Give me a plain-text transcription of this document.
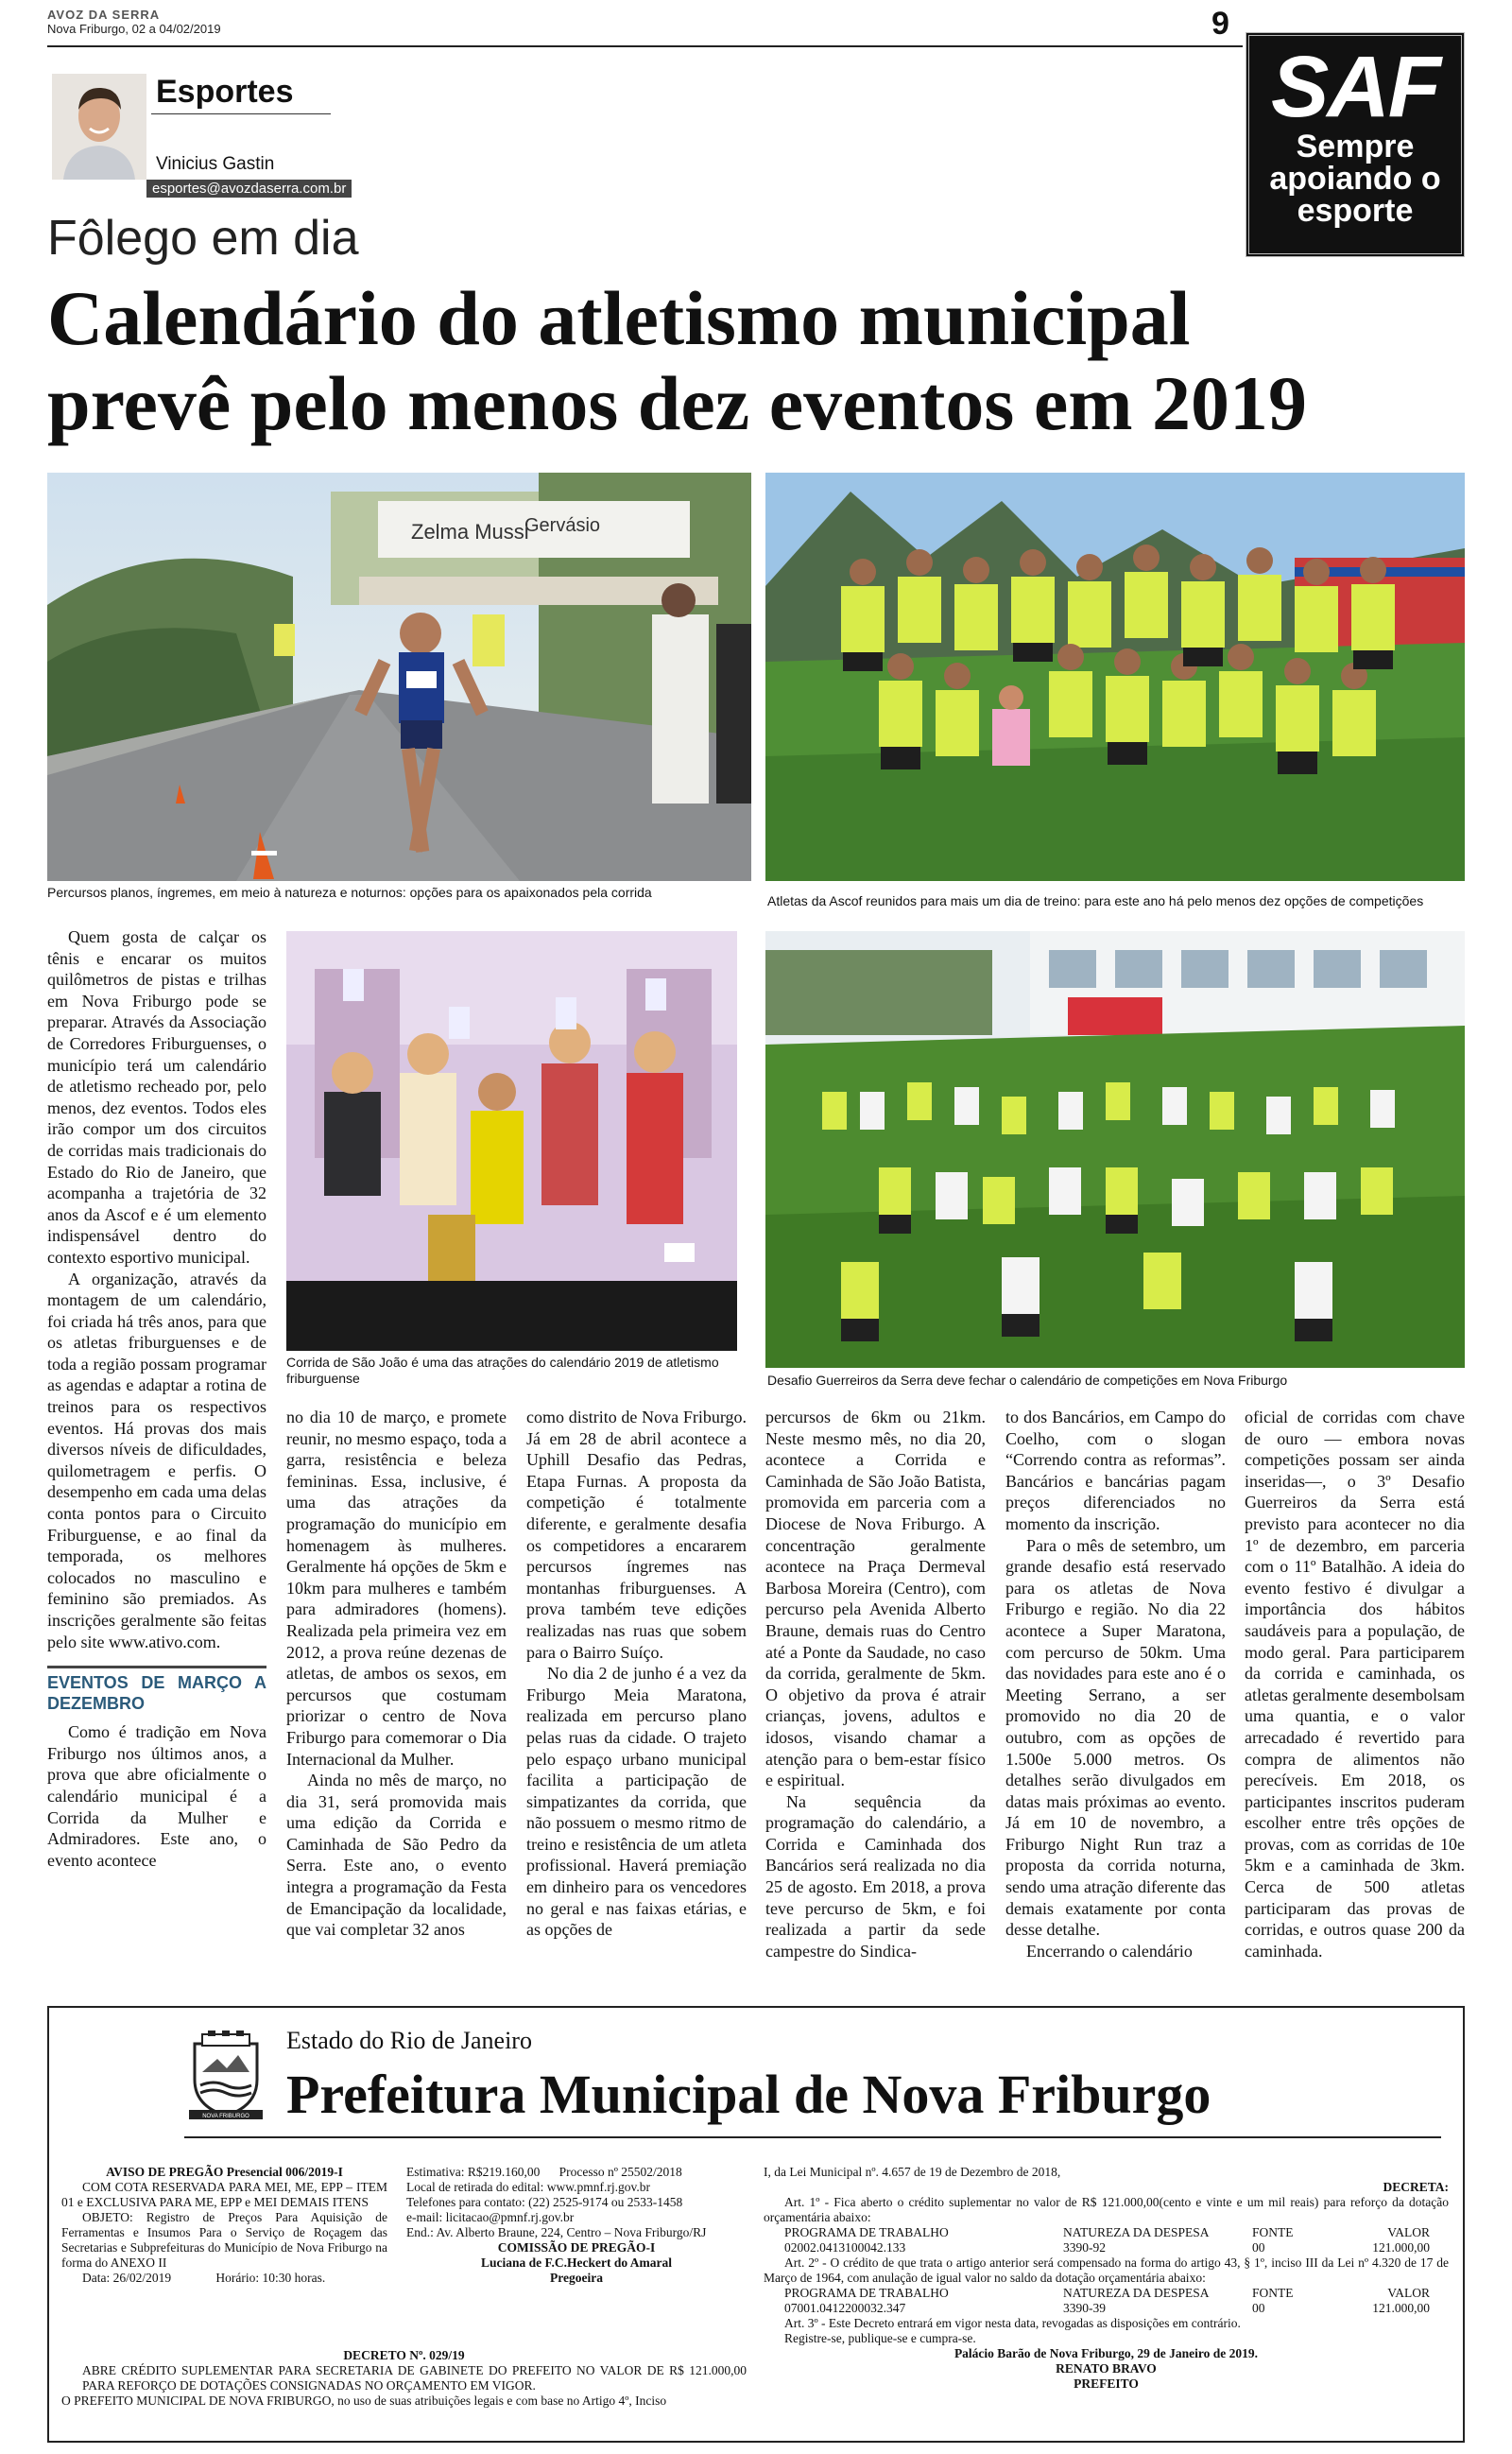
AVOZ DA SERRA
Nova Friburgo, 02 a 04/02/2019	9
SAF
Sempre
apoiando o
esporte
Esportes
Vinicius Gastin
esportes@avozdaserra.com.br
Fôlego em dia
Calendário do atletismo municipal
prevê pelo menos dez eventos em 2019
Zelma Mussi
Gervásio
Percursos planos, íngremes, em meio à natureza e noturnos: opções para os apaixonados pela corrida
Atletas da Ascof reunidos para mais um dia de treino: para este ano há pelo menos dez opções de competições
Corrida de São João é uma das atrações do calendário 2019 de atletismo friburguense	Desafio Guerreiros da Serra deve fechar o calendário de competições em Nova Friburgo

Quem gosta de calçar os tênis e encarar os muitos quilômetros de pistas e trilhas em Nova Friburgo pode se preparar. Através da Associação de Corredores Friburguenses, o município terá um calendário de atletismo recheado por, pelo menos, dez eventos. Todos eles irão compor um dos circuitos de corridas mais tradicionais do Estado do Rio de Janeiro, que acompanha a trajetória de 32 anos da Ascof e é um elemento indispensável dentro do contexto esportivo municipal.

A organização, através da montagem de um calendário, foi criada há três anos, para que os atletas friburguenses e de toda a região possam programar as agendas e adaptar a rotina de treinos para os respectivos eventos. Há provas dos mais diversos níveis de dificuldades, quilometragem e perfis. O desempenho em cada uma delas conta pontos para o Circuito Friburguense, e ao final da temporada, os melhores colocados no masculino e feminino são premiados. As inscrições geralmente são feitas pelo site www.ativo.com.

EVENTOS DE MARÇO A DEZEMBRO

Como é tradição em Nova Friburgo nos últimos anos, a prova que abre oficialmente o calendário municipal é a Corrida da Mulher e Admiradores. Este ano, o evento acontece

no dia 10 de março, e promete reunir, no mesmo espaço, toda a garra, resistência e beleza femininas. Essa, inclusive, é uma das atrações da programação do município em homenagem às mulheres. Geralmente há opções de 5km e 10km para mulheres e também para admiradores (homens). Realizada pela primeira vez em 2012, a prova reúne dezenas de atletas, de ambos os sexos, em percursos que costumam priorizar o centro de Nova Friburgo para comemorar o Dia Internacional da Mulher.

Ainda no mês de março, no dia 31, será promovida mais uma edição da Corrida e Caminhada de São Pedro da Serra. Este ano, o evento integra a programação da Festa de Emancipação da localidade, que vai completar 32 anos

como distrito de Nova Friburgo. Já em 28 de abril acontece a Uphill Desafio das Pedras, Etapa Furnas. A proposta da competição é totalmente diferente, e geralmente desafia os competidores a encararem percursos íngremes nas montanhas friburguenses. A prova também teve edições realizadas nas ruas que sobem para o Bairro Suíço.

No dia 2 de junho é a vez da Friburgo Meia Maratona, realizada em percurso plano pelas ruas da cidade. O trajeto pelo espaço urbano municipal facilita a participação de simpatizantes da corrida, que não possuem o mesmo ritmo de treino e resistência de um atleta profissional. Haverá premiação em dinheiro para os vencedores no geral e nas faixas etárias, e as opções de

percursos de 6km ou 21km. Neste mesmo mês, no dia 20, acontece a Corrida e Caminhada de São João Batista, promovida em parceria com a Diocese de Nova Friburgo. A concentração geralmente acontece na Praça Dermeval Barbosa Moreira (Centro), com percurso pela Avenida Alberto Braune, demais ruas do Centro até a Ponte da Saudade, no caso da corrida, geralmente de 5km. O objetivo da prova é atrair crianças, jovens, adultos e idosos, visando chamar a atenção para o bem-estar físico e espiritual.

Na sequência da programação do calendário, a Corrida e Caminhada dos Bancários será realizada no dia 25 de agosto. Em 2018, a prova teve percurso de 5km, e foi realizada a partir da sede campestre do Sindica-

to dos Bancários, em Campo do Coelho, com o slogan “Correndo contra as reformas”. Bancários e bancárias pagam preços diferenciados no momento da inscrição.

Para o mês de setembro, um grande desafio está reservado para os atletas de Nova Friburgo e região. No dia 22 acontece a Super Maratona, com percurso de 50km. Uma das novidades para este ano é o Meeting Serrano, a ser promovido no dia 20 de outubro, com as opções de 1.500e 5.000 metros. Os detalhes serão divulgados em datas mais próximas ao evento. Já em 10 de novembro, a Friburgo Night Run traz a proposta da corrida noturna, sendo uma atração diferente das demais exatamente por conta desse detalhe.

Encerrando o calendário

oficial de corridas com chave de ouro — embora novas competições possam ser ainda inseridas—, o 3º Desafio Guerreiros da Serra está previsto para acontecer no dia 1º de dezembro, em parceria com o 11º Batalhão. A ideia do evento festivo é divulgar a importância dos hábitos saudáveis para a população, de modo geral. Para participarem da corrida e caminhada, os atletas geralmente desembolsam uma quantia, e o valor arrecadado é revertido para compra de alimentos não perecíveis. Em 2018, os participantes inscritos puderam escolher entre três opções de provas, com as corridas de 10e 5km e a caminhada de 3km. Cerca de 500 atletas participaram das provas de corridas, e outros quase 200 da caminhada.

NOVA FRIBURGO
Estado do Rio de Janeiro
Prefeitura Municipal de Nova Friburgo

AVISO DE PREGÃO Presencial 006/2019-I

COM COTA RESERVADA PARA MEI, ME, EPP – ITEM 01 e EXCLUSIVA PARA ME, EPP e MEI DEMAIS ITENS

OBJETO: Registro de Preços Para Aquisição de Ferramentas e Insumos Para o Serviço de Roçagem das Secretarias e Subprefeituras do Município de Nova Friburgo na forma do ANEXO II

Data: 26/02/2019	Horário: 10:30 horas.

Estimativa: R$219.160,00 Processo nº 25502/2018

Local de retirada do edital: www.pmnf.rj.gov.br

Telefones para contato: (22) 2525-9174 ou 2533-1458

e-mail: licitacao@pmnf.rj.gov.br

End.: Av. Alberto Braune, 224, Centro – Nova Friburgo/RJ

COMISSÃO DE PREGÃO-I

Luciana de F.C.Heckert do Amaral

Pregoeira

DECRETO Nº. 029/19

ABRE CRÉDITO SUPLEMENTAR PARA SECRETARIA DE GABINETE DO PREFEITO NO VALOR DE R$ 121.000,00 PARA REFORÇO DE DOTAÇÕES CONSIGNADAS NO ORÇAMENTO EM VIGOR.

O PREFEITO MUNICIPAL DE NOVA FRIBURGO, no uso de suas atribuições legais e com base no Artigo 4º, Inciso

I, da Lei Municipal nº. 4.657 de 19 de Dezembro de 2018,

DECRETA:

Art. 1º - Fica aberto o crédito suplementar no valor de R$ 121.000,00(cento e vinte e um mil reais) para reforço da dotação orçamentária abaixo:

PROGRAMA DE TRABALHO	NATUREZA DA DESPESA	FONTE	VALOR
02002.0413100042.133	3390-92	00	121.000,00

Art. 2º - O crédito de que trata o artigo anterior será compensado na forma do artigo 43, § 1º, inciso III da Lei nº 4.320 de 17 de Março de 1964, com anulação de igual valor no saldo da dotação orçamentária abaixo:

PROGRAMA DE TRABALHO	NATUREZA DA DESPESA	FONTE	VALOR
07001.0412200032.347	3390-39	00	121.000,00

Art. 3º - Este Decreto entrará em vigor nesta data, revogadas as disposições em contrário.

Registre-se, publique-se e cumpra-se.

Palácio Barão de Nova Friburgo, 29 de Janeiro de 2019.

RENATO BRAVO

PREFEITO
